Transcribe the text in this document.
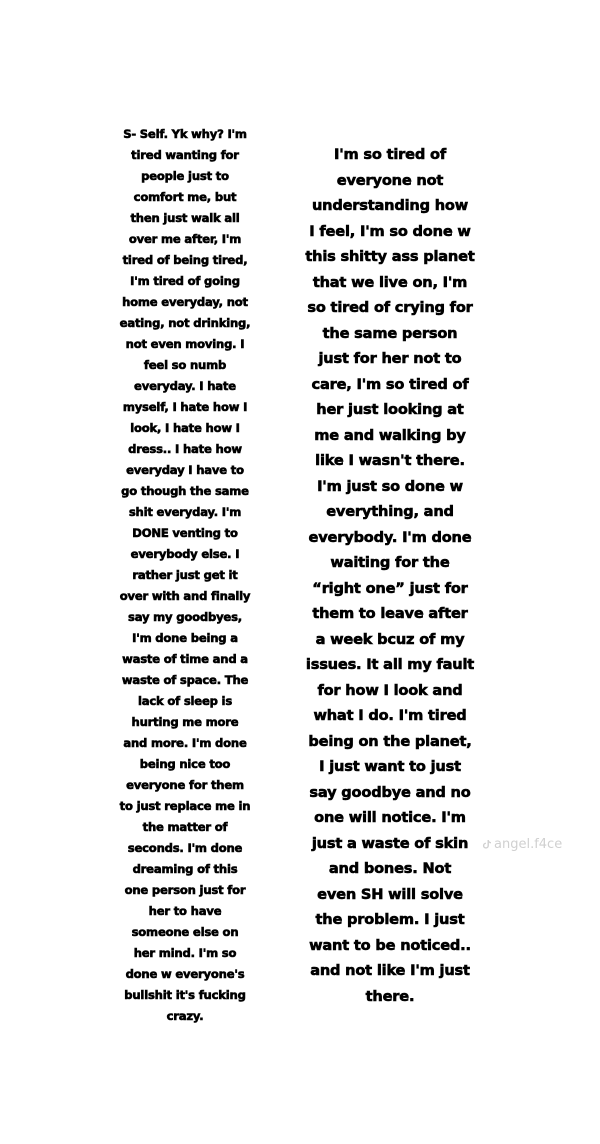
S- Self. Yk why? I'm
tired wanting for
people just to
comfort me, but
then just walk all
over me after, I'm
tired of being tired,
I'm tired of going
home everyday, not
eating, not drinking,
not even moving. I
feel so numb
everyday. I hate
myself, I hate how I
look, I hate how I
dress.. I hate how
everyday I have to
go though the same
shit everyday. I'm
DONE venting to
everybody else. I
rather just get it
over with and finally
say my goodbyes,
I'm done being a
waste of time and a
waste of space. The
lack of sleep is
hurting me more
and more. I'm done
being nice too
everyone for them
to just replace me in
the matter of
seconds. I'm done
dreaming of this
one person just for
her to have
someone else on
her mind. I'm so
done w everyone's
bullshit it's fucking
crazy.
I'm so tired of
everyone not
understanding how
I feel, I'm so done w
this shitty ass planet
that we live on, I'm
so tired of crying for
the same person
just for her not to
care, I'm so tired of
her just looking at
me and walking by
like I wasn't there.
I'm just so done w
everything, and
everybody. I'm done
waiting for the
“right one” just for
them to leave after
a week bcuz of my
issues. It all my fault
for how I look and
what I do. I'm tired
being on the planet,
I just want to just
say goodbye and no
one will notice. I'm
just a waste of skin
and bones. Not
even SH will solve
the problem. I just
want to be noticed..
and not like I'm just
there.
angel.f4ce
